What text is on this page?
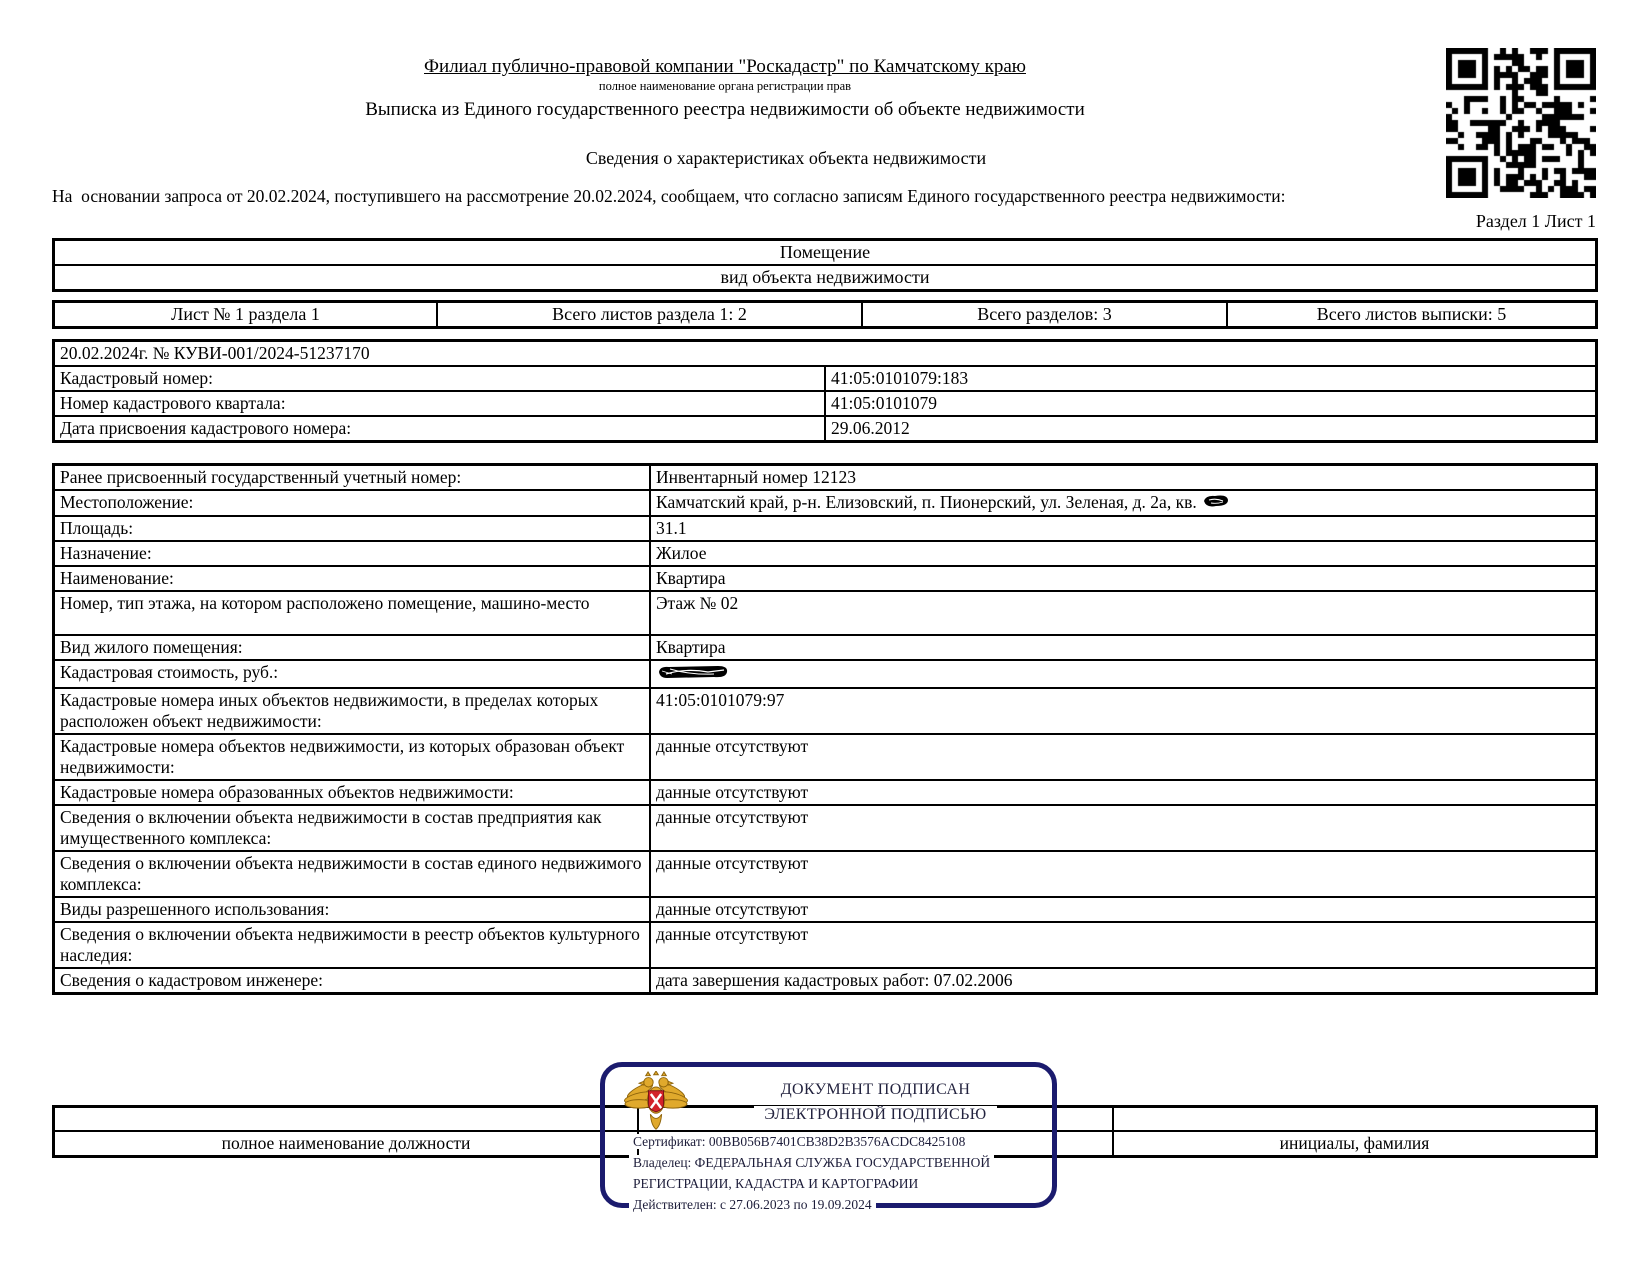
Филиал публично-правовой компании "Роскадастр" по Камчатскому краю
полное наименование органа регистрации прав
Выписка из Единого государственного реестра недвижимости об объекте недвижимости
Сведения о характеристиках объекта недвижимости
На  основании запроса от 20.02.2024, поступившего на рассмотрение 20.02.2024, сообщаем, что согласно записям Единого государственного реестра недвижимости:
Раздел 1 Лист 1
Помещение
вид объекта недвижимости
Лист № 1 раздела 1	Всего листов раздела 1: 2	Всего разделов: 3	Всего листов выписки: 5
20.02.2024г. № КУВИ-001/2024-51237170	
Кадастровый номер:	41:05:0101079:183
Номер кадастрового квартала:	41:05:0101079
Дата присвоения кадастрового номера:	29.06.2012
Ранее присвоенный государственный учетный номер:	Инвентарный номер 12123
Местоположение:	Камчатский край, р-н. Елизовский, п. Пионерский, ул. Зеленая, д. 2а, кв.
Площадь:	31.1
Назначение:	Жилое
Наименование:	Квартира
Номер, тип этажа, на котором расположено помещение, машино-место	Этаж № 02
Вид жилого помещения:	Квартира
Кадастровая стоимость, руб.:	
Кадастровые номера иных объектов недвижимости, в пределах которых расположен объект недвижимости:	41:05:0101079:97
Кадастровые номера объектов недвижимости, из которых образован объект недвижимости:	данные отсутствуют
Кадастровые номера образованных объектов недвижимости:	данные отсутствуют
Сведения о включении объекта недвижимости в состав предприятия как имущественного комплекса:	данные отсутствуют
Сведения о включении объекта недвижимости в состав единого недвижимого комплекса:	данные отсутствуют
Виды разрешенного использования:	данные отсутствуют
Сведения о включении объекта недвижимости в реестр объектов культурного наследия:	данные отсутствуют
Сведения о кадастровом инженере:	дата завершения кадастровых работ: 07.02.2006

полное наименование должности		инициалы, фамилия
ДОКУМЕНТ ПОДПИСАН
ЭЛЕКТРОННОЙ ПОДПИСЬЮ
Сертификат: 00BB056B7401CB38D2B3576ACDC8425108
Владелец: ФЕДЕРАЛЬНАЯ СЛУЖБА ГОСУДАРСТВЕННОЙ
РЕГИСТРАЦИИ, КАДАСТРА И КАРТОГРАФИИ
Действителен: с 27.06.2023 по 19.09.2024
